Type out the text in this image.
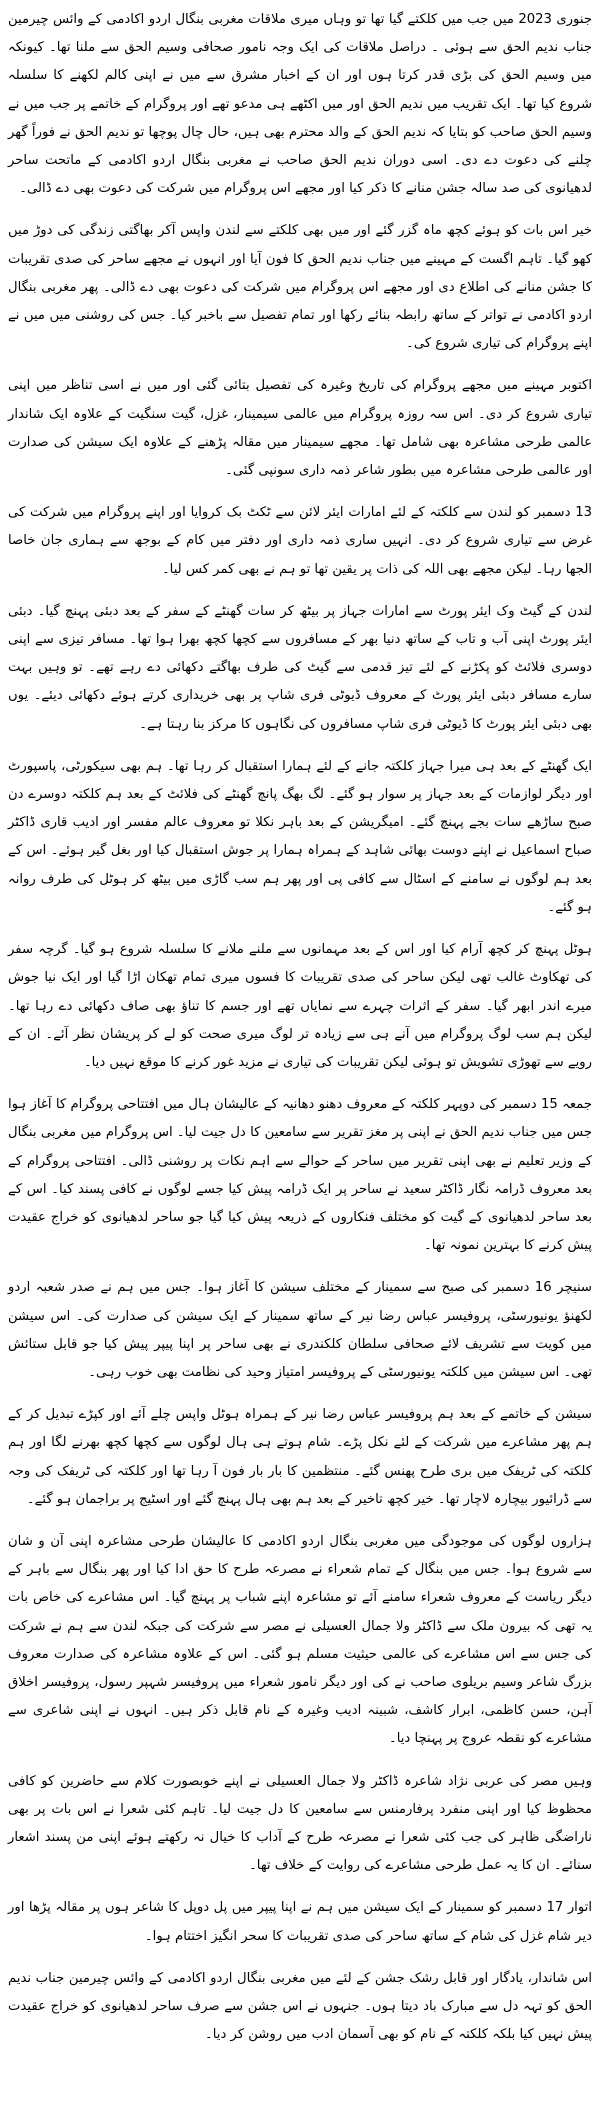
جنوری 2023 میں جب میں کلکتے گیا تھا تو وہاں میری ملاقات مغربی بنگال اردو اکادمی کے وائس چیرمین جناب ندیم الحق سے ہوئی ۔ دراصل ملاقات کی ایک وجہ نامور صحافی وسیم الحق سے ملنا تھا۔ کیونکہ میں وسیم الحق کی بڑی قدر کرتا ہوں اور ان کے اخبار مشرق سے میں نے اپنی کالم لکھنے کا سلسلہ شروع کیا تھا۔ ایک تقریب میں ندیم الحق اور میں اکٹھے ہی مدعو تھے اور پروگرام کے خاتمے پر جب میں نے وسیم الحق صاحب کو بتایا کہ ندیم الحق کے والد محترم بھی ہیں، حال چال پوچھا تو ندیم الحق نے فوراً گھر چلنے کی دعوت دے دی۔ اسی دوران ندیم الحق صاحب نے مغربی بنگال اردو اکادمی کے ماتحت ساحر لدھیانوی کی صد سالہ جشن منانے کا ذکر کیا اور مجھے اس پروگرام میں شرکت کی دعوت بھی دے ڈالی۔

خیر اس بات کو ہوئے کچھ ماہ گزر گئے اور میں بھی کلکتے سے لندن واپس آکر بھاگتی زندگی کی دوڑ میں کھو گیا۔ تاہم اگست کے مہینے میں جناب ندیم الحق کا فون آیا اور انہوں نے مجھے ساحر کی صدی تقریبات کا جشن منانے کی اطلاع دی اور مجھے اس پروگرام میں شرکت کی دعوت بھی دے ڈالی۔ پھر مغربی بنگال اردو اکادمی نے تواتر کے ساتھ رابطہ بنائے رکھا اور تمام تفصیل سے باخبر کیا۔ جس کی روشنی میں میں نے اپنے پروگرام کی تیاری شروع کی۔

اکتوبر مہینے میں مجھے پروگرام کی تاریخ وغیرہ کی تفصیل بتائی گئی اور میں نے اسی تناظر میں اپنی تیاری شروع کر دی۔ اس سہ روزہ پروگرام میں عالمی سیمینار، غزل، گیت سنگیت کے علاوہ ایک شاندار عالمی طرحی مشاعرہ بھی شامل تھا۔ مجھے سیمینار میں مقالہ پڑھنے کے علاوہ ایک سیشن کی صدارت اور عالمی طرحی مشاعرہ میں بطور شاعر ذمہ داری سونپی گئی۔

13 دسمبر کو لندن سے کلکتہ کے لئے امارات ایئر لائن سے ٹکٹ بک کروایا اور اپنے پروگرام میں شرکت کی غرض سے تیاری شروع کر دی۔ انہیں ساری ذمہ داری اور دفتر میں کام کے بوجھ سے ہماری جان خاصا الجھا رہا۔ لیکن مجھے بھی اللہ کی ذات پر یقین تھا تو ہم نے بھی کمر کس لیا۔

لندن کے گیٹ وک ایئر پورٹ سے امارات جہاز پر بیٹھ کر سات گھنٹے کے سفر کے بعد دبئی پہنچ گیا۔ دبئی ایئر پورٹ اپنی آب و تاب کے ساتھ دنیا بھر کے مسافروں سے کچھا کچھ بھرا ہوا تھا۔ مسافر تیزی سے اپنی دوسری فلائٹ کو پکڑنے کے لئے تیز قدمی سے گیٹ کی طرف بھاگتے دکھائی دے رہے تھے۔ تو وہیں بہت سارے مسافر دبئی ایئر پورٹ کے معروف ڈیوٹی فری شاپ پر بھی خریداری کرتے ہوئے دکھائی دیئے۔ یوں بھی دبئی ایئر پورٹ کا ڈیوٹی فری شاپ مسافروں کی نگاہوں کا مرکز بنا رہتا ہے۔

ایک گھنٹے کے بعد ہی میرا جہاز کلکتہ جانے کے لئے ہمارا استقبال کر رہا تھا۔ ہم بھی سیکورٹی، پاسپورٹ اور دیگر لوازمات کے بعد جہاز پر سوار ہو گئے۔ لگ بھگ پانچ گھنٹے کی فلائٹ کے بعد ہم کلکتہ دوسرے دن صبح ساڑھے سات بجے پہنچ گئے۔ امیگریشن کے بعد باہر نکلا تو معروف عالم مفسر اور ادیب قاری ڈاکٹر صباح اسماعیل نے اپنے دوست بھائی شاہد کے ہمراہ ہمارا پر جوش استقبال کیا اور بغل گیر ہوئے۔ اس کے بعد ہم لوگوں نے سامنے کے اسٹال سے کافی پی اور پھر ہم سب گاڑی میں بیٹھ کر ہوٹل کی طرف روانہ ہو گئے۔

ہوٹل پہنچ کر کچھ آرام کیا اور اس کے بعد مہمانوں سے ملنے ملانے کا سلسلہ شروع ہو گیا۔ گرچہ سفر کی تھکاوٹ غالب تھی لیکن ساحر کی صدی تقریبات کا فسوں میری تمام تھکان اڑا گیا اور ایک نیا جوش میرے اندر ابھر گیا۔ سفر کے اثرات چہرے سے نمایاں تھے اور جسم کا تناؤ بھی صاف دکھائی دے رہا تھا۔ لیکن ہم سب لوگ پروگرام میں آنے ہی سے زیادہ تر لوگ میری صحت کو لے کر پریشان نظر آئے۔ ان کے رویے سے تھوڑی تشویش تو ہوئی لیکن تقریبات کی تیاری نے مزید غور کرنے کا موقع نہیں دیا۔

جمعہ 15 دسمبر کی دوپہر کلکتہ کے معروف دھنو دھانیہ کے عالیشان ہال میں افتتاحی پروگرام کا آغاز ہوا جس میں جناب ندیم الحق نے اپنی پر مغز تقریر سے سامعین کا دل جیت لیا۔ اس پروگرام میں مغربی بنگال کے وزیر تعلیم نے بھی اپنی تقریر میں ساحر کے حوالے سے اہم نکات پر روشنی ڈالی۔ افتتاحی پروگرام کے بعد معروف ڈرامہ نگار ڈاکٹر سعید نے ساحر پر ایک ڈرامہ پیش کیا جسے لوگوں نے کافی پسند کیا۔ اس کے بعد ساحر لدھیانوی کے گیت کو مختلف فنکاروں کے ذریعہ پیش کیا گیا جو ساحر لدھیانوی کو خراج عقیدت پیش کرنے کا بہترین نمونہ تھا۔

سنیچر 16 دسمبر کی صبح سے سمینار کے مختلف سیشن کا آغاز ہوا۔ جس میں ہم نے صدر شعبہ اردو لکھنؤ یونیورسٹی، پروفیسر عباس رضا نیر کے ساتھ سمینار کے ایک سیشن کی صدارت کی۔ اس سیشن میں کویت سے تشریف لائے صحافی سلطان کلکندری نے بھی ساحر پر اپنا پیپر پیش کیا جو قابل ستائش تھی۔ اس سیشن میں کلکتہ یونیورسٹی کے پروفیسر امتیاز وحید کی نظامت بھی خوب رہی۔

سیشن کے خاتمے کے بعد ہم پروفیسر عباس رضا نیر کے ہمراہ ہوٹل واپس چلے آئے اور کپڑے تبدیل کر کے ہم پھر مشاعرے میں شرکت کے لئے نکل پڑے۔ شام ہوتے ہی ہال لوگوں سے کچھا کچھ بھرنے لگا اور ہم کلکتہ کی ٹریفک میں بری طرح پھنس گئے۔ منتظمین کا بار بار فون آ رہا تھا اور کلکتہ کی ٹریفک کی وجہ سے ڈرائیور بیچارہ لاچار تھا۔ خیر کچھ تاخیر کے بعد ہم بھی ہال پہنچ گئے اور اسٹیج پر براجمان ہو گئے۔

ہزاروں لوگوں کی موجودگی میں مغربی بنگال اردو اکادمی کا عالیشان طرحی مشاعرہ اپنی آن و شان سے شروع ہوا۔ جس میں بنگال کے تمام شعراء نے مصرعہ طرح کا حق ادا کیا اور پھر بنگال سے باہر کے دیگر ریاست کے معروف شعراء سامنے آئے تو مشاعرہ اپنے شباب پر پہنچ گیا۔ اس مشاعرے کی خاص بات یہ تھی کہ بیرون ملک سے ڈاکٹر ولا جمال العسیلی نے مصر سے شرکت کی جبکہ لندن سے ہم نے شرکت کی جس سے اس مشاعرے کی عالمی حیثیت مسلم ہو گئی۔ اس کے علاوہ مشاعرہ کی صدارت معروف بزرگ شاعر وسیم بریلوی صاحب نے کی اور دیگر نامور شعراء میں پروفیسر شہپر رسول، پروفیسر اخلاق آہن، حسن کاظمی، ابرار کاشف، شبینہ ادیب وغیرہ کے نام قابل ذکر ہیں۔ انہوں نے اپنی شاعری سے مشاعرے کو نقطہ عروج پر پہنچا دیا۔

وہیں مصر کی عربی نژاد شاعرہ ڈاکٹر ولا جمال العسیلی نے اپنے خوبصورت کلام سے حاضرین کو کافی محظوظ کیا اور اپنی منفرد پرفارمنس سے سامعین کا دل جیت لیا۔ تاہم کئی شعرا نے اس بات پر بھی ناراضگی ظاہر کی جب کئی شعرا نے مصرعہ طرح کے آداب کا خیال نہ رکھتے ہوئے اپنی من پسند اشعار سنائے۔ ان کا یہ عمل طرحی مشاعرے کی روایت کے خلاف تھا۔

اتوار 17 دسمبر کو سمینار کے ایک سیشن میں ہم نے اپنا پیپر میں پل دوپل کا شاعر ہوں پر مقالہ پڑھا اور دیر شام غزل کی شام کے ساتھ ساحر کی صدی تقریبات کا سحر انگیز اختتام ہوا۔

اس شاندار، یادگار اور قابل رشک جشن کے لئے میں مغربی بنگال اردو اکادمی کے وائس چیرمین جناب ندیم الحق کو تہہ دل سے مبارک باد دیتا ہوں۔ جنہوں نے اس جشن سے صرف ساحر لدھیانوی کو خراج عقیدت پیش نہیں کیا بلکہ کلکتہ کے نام کو بھی آسمان ادب میں روشن کر دیا۔
